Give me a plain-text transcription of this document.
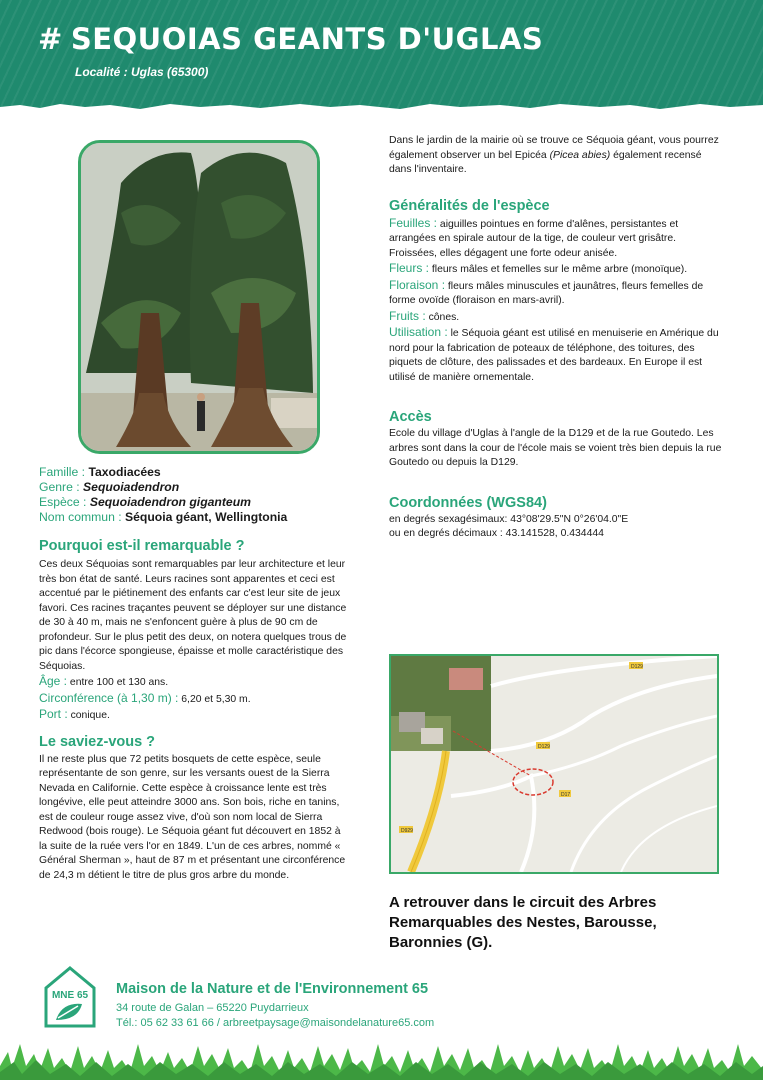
# SEQUOIAS GEANTS D'UGLAS
Localité : Uglas (65300)

Famille : Taxodiacées

Genre : Sequoiadendron

Espèce : Sequoiadendron giganteum

Nom commun : Séquoia géant, Wellingtonia

Pourquoi est-il remarquable ?

Ces deux Séquoias sont remarquables par leur architecture et leur très bon état de santé. Leurs racines sont apparentes et ceci est accentué par le piétinement des enfants car c'est leur site de jeux favori. Ces racines traçantes peuvent se déployer sur une distance de 30 à 40 m, mais ne s'enfoncent guère à plus de 90 cm de profondeur. Sur le plus petit des deux, on notera quelques trous de pic dans l'écorce spongieuse, épaisse et molle caractéristique des Séquoias.

Âge : entre 100 et 130 ans.

Circonférence (à 1,30 m) : 6,20 et 5,30 m.

Port : conique.

Le saviez-vous ?

Il ne reste plus que 72 petits bosquets de cette espèce, seule représentante de son genre, sur les versants ouest de la Sierra Nevada en Californie. Cette espèce à croissance lente est très longévive, elle peut atteindre 3000 ans. Son bois, riche en tanins, est de couleur rouge assez vive, d'où son nom local de Sierra Redwood (bois rouge). Le Séquoia géant fut découvert en 1852 à la suite de la ruée vers l'or en 1849. L'un de ces arbres, nommé « Général Sherman », haut de 87 m et présentant une circonférence de 24,3 m détient le titre de plus gros arbre du monde.

Dans le jardin de la mairie où se trouve ce Séquoia géant, vous pourrez également observer un bel Epicéa (Picea abies) également recensé dans l'inventaire.

Généralités de l'espèce

Feuilles : aiguilles pointues en forme d'alênes, persistantes et arrangées en spirale autour de la tige, de couleur vert grisâtre. Froissées, elles dégagent une forte odeur anisée.

Fleurs : fleurs mâles et femelles sur le même arbre (monoïque).

Floraison : fleurs mâles minuscules et jaunâtres, fleurs femelles de forme ovoïde (floraison en mars-avril).

Fruits : cônes.

Utilisation : le Séquoia géant est utilisé en menuiserie en Amérique du nord pour la fabrication de poteaux de téléphone, des toitures, des piquets de clôture, des palissades et des bardeaux. En Europe il est utilisé de manière ornementale.

Accès

Ecole du village d'Uglas à l'angle de la D129 et de la rue Goutedo. Les arbres sont dans la cour de l'école mais se voient très bien depuis la rue Goutedo ou depuis la D129.

Coordonnées (WGS84)

en degrés sexagésimaux: 43°08'29.5"N 0°26'04.0"E

ou en degrés décimaux : 43.141528, 0.434444

D129
D129
D17
D929
A retrouver dans le circuit des Arbres Remarquables des Nestes, Barousse, Baronnies (G).
MNE 65 Maison de la Nature et de l'Environnement 65

34 route de Galan – 65220 Puydarrieux

Tél.: 05 62 33 61 66 / arbreetpaysage@maisondelanature65.com
